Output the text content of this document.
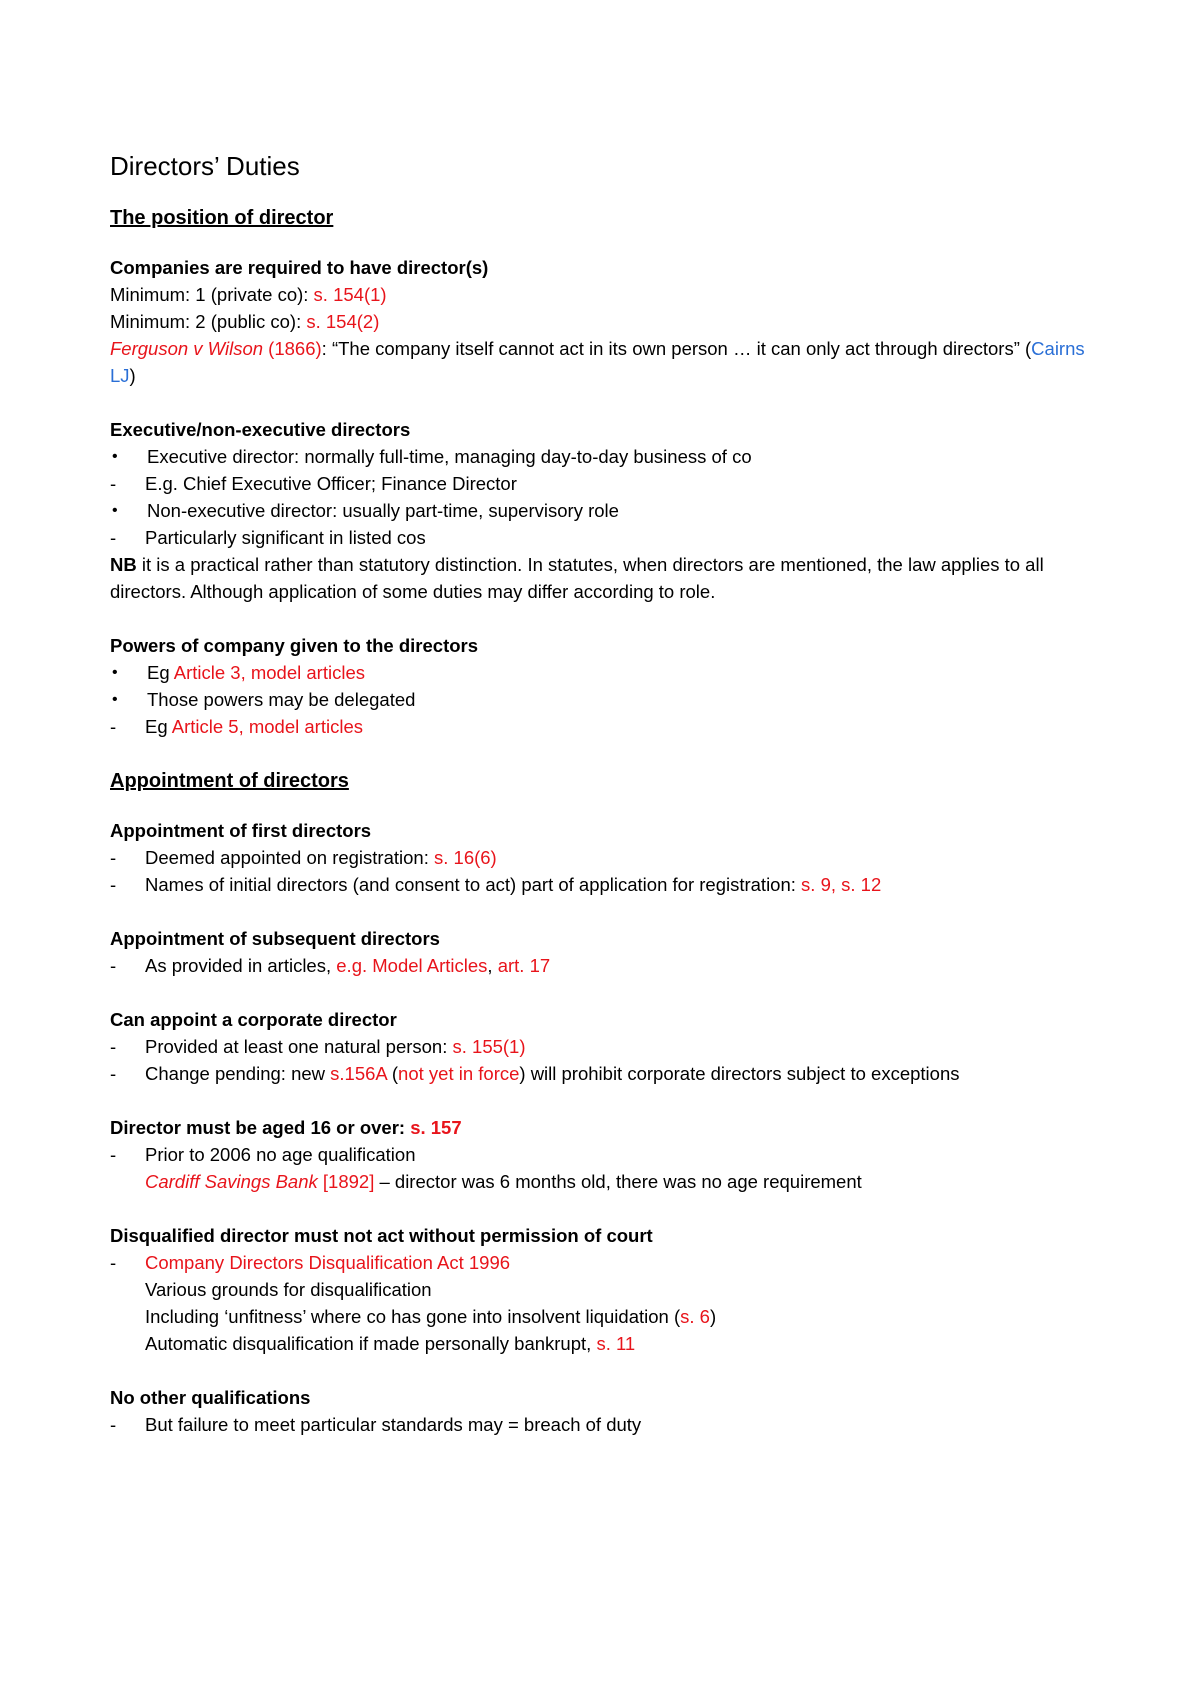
Directors’ Duties
The position of director

Companies are required to have director(s)

Minimum: 1 (private co): s. 154(1)

Minimum: 2 (public co): s. 154(2)

Ferguson v Wilson (1866): “The company itself cannot act in its own person … it can only act through directors” (Cairns LJ)

Executive/non-executive directors

•	Executive director: normally full-time, managing day-to-day business of co
-	E.g. Chief Executive Officer; Finance Director
•	Non-executive director: usually part-time, supervisory role
-	Particularly significant in listed cos

NB it is a practical rather than statutory distinction. In statutes, when directors are mentioned, the law applies to all directors. Although application of some duties may differ according to role.

Powers of company given to the directors

•	Eg Article 3, model articles
•	Those powers may be delegated
-	Eg Article 5, model articles
Appointment of directors

Appointment of first directors

-	Deemed appointed on registration: s. 16(6)
-	Names of initial directors (and consent to act) part of application for registration: s. 9, s. 12

Appointment of subsequent directors

-	As provided in articles, e.g. Model Articles, art. 17

Can appoint a corporate director

-	Provided at least one natural person: s. 155(1)
-	Change pending: new s.156A (not yet in force) will prohibit corporate directors subject to exceptions

Director must be aged 16 or over: s. 157

-	Prior to 2006 no age qualification

Cardiff Savings Bank [1892] – director was 6 months old, there was no age requirement

Disqualified director must not act without permission of court

-	Company Directors Disqualification Act 1996

Various grounds for disqualification

Including ‘unfitness’ where co has gone into insolvent liquidation (s. 6)

Automatic disqualification if made personally bankrupt, s. 11

No other qualifications

-	But failure to meet particular standards may = breach of duty
